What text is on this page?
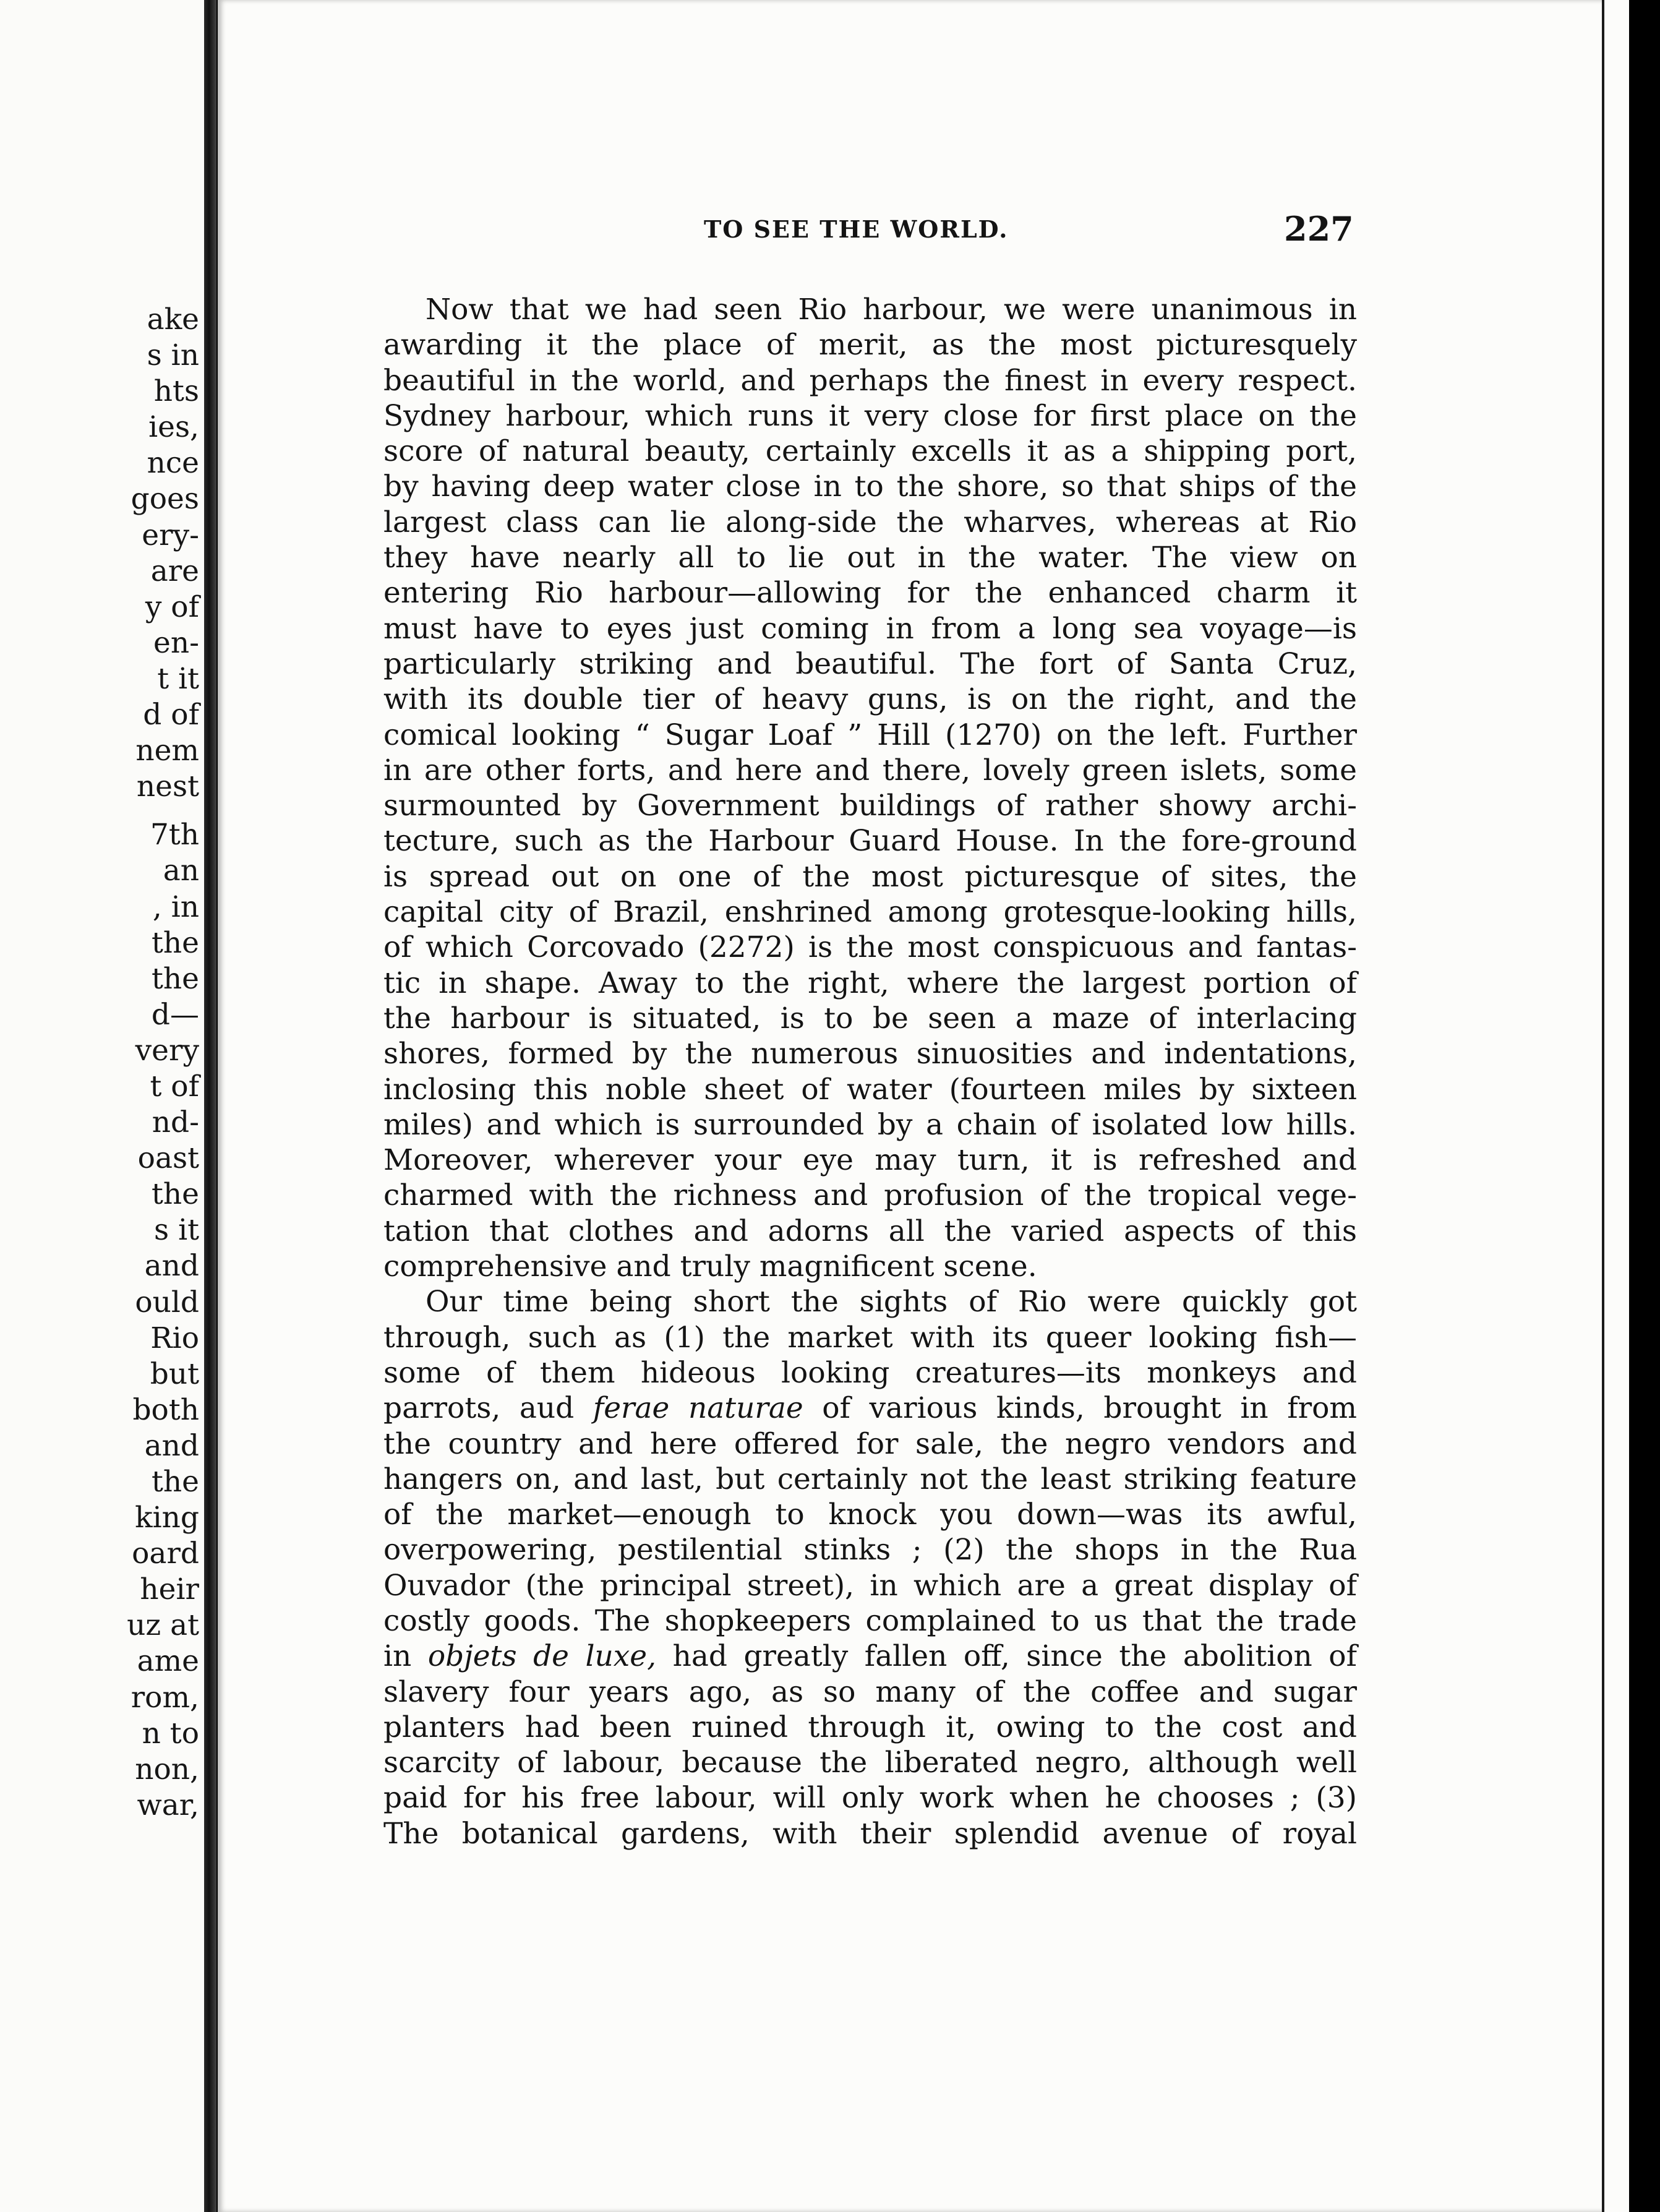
ake
s in
hts
ies,
nce
goes
ery-
are
y of
en-
t it
d of
nem
nest
7th
an
, in
the
the
d—
very
t of
nd-
oast
the
s it
and
ould
Rio
but
both
and
the
king
oard
heir
uz at
ame
rom,
n to
non,
war,
TO SEE THE WORLD.	227
Now that we had seen Rio harbour, we were unanimous in
awarding it the place of merit, as the most picturesquely
beautiful in the world, and perhaps the finest in every respect.
Sydney harbour, which runs it very close for first place on the
score of natural beauty, certainly excells it as a shipping port,
by having deep water close in to the shore, so that ships of the
largest class can lie along-side the wharves, whereas at Rio
they have nearly all to lie out in the water. The view on
entering Rio harbour—allowing for the enhanced charm it
must have to eyes just coming in from a long sea voyage—is
particularly striking and beautiful. The fort of Santa Cruz,
with its double tier of heavy guns, is on the right, and the
comical looking “ Sugar Loaf ” Hill (1270) on the left. Further
in are other forts, and here and there, lovely green islets, some
surmounted by Government buildings of rather showy archi-
tecture, such as the Harbour Guard House. In the fore-ground
is spread out on one of the most picturesque of sites, the
capital city of Brazil, enshrined among grotesque-looking hills,
of which Corcovado (2272) is the most conspicuous and fantas-
tic in shape. Away to the right, where the largest portion of
the harbour is situated, is to be seen a maze of interlacing
shores, formed by the numerous sinuosities and indentations,
inclosing this noble sheet of water (fourteen miles by sixteen
miles) and which is surrounded by a chain of isolated low hills.
Moreover, wherever your eye may turn, it is refreshed and
charmed with the richness and profusion of the tropical vege-
tation that clothes and adorns all the varied aspects of this
comprehensive and truly magnificent scene.
Our time being short the sights of Rio were quickly got
through, such as (1) the market with its queer looking fish—
some of them hideous looking creatures—its monkeys and
parrots, aud ferae naturae of various kinds, brought in from
the country and here offered for sale, the negro vendors and
hangers on, and last, but certainly not the least striking feature
of the market—enough to knock you down—was its awful,
overpowering, pestilential stinks ; (2) the shops in the Rua
Ouvador (the principal street), in which are a great display of
costly goods. The shopkeepers complained to us that the trade
in objets de luxe, had greatly fallen off, since the abolition of
slavery four years ago, as so many of the coffee and sugar
planters had been ruined through it, owing to the cost and
scarcity of labour, because the liberated negro, although well
paid for his free labour, will only work when he chooses ; (3)
The botanical gardens, with their splendid avenue of royal
